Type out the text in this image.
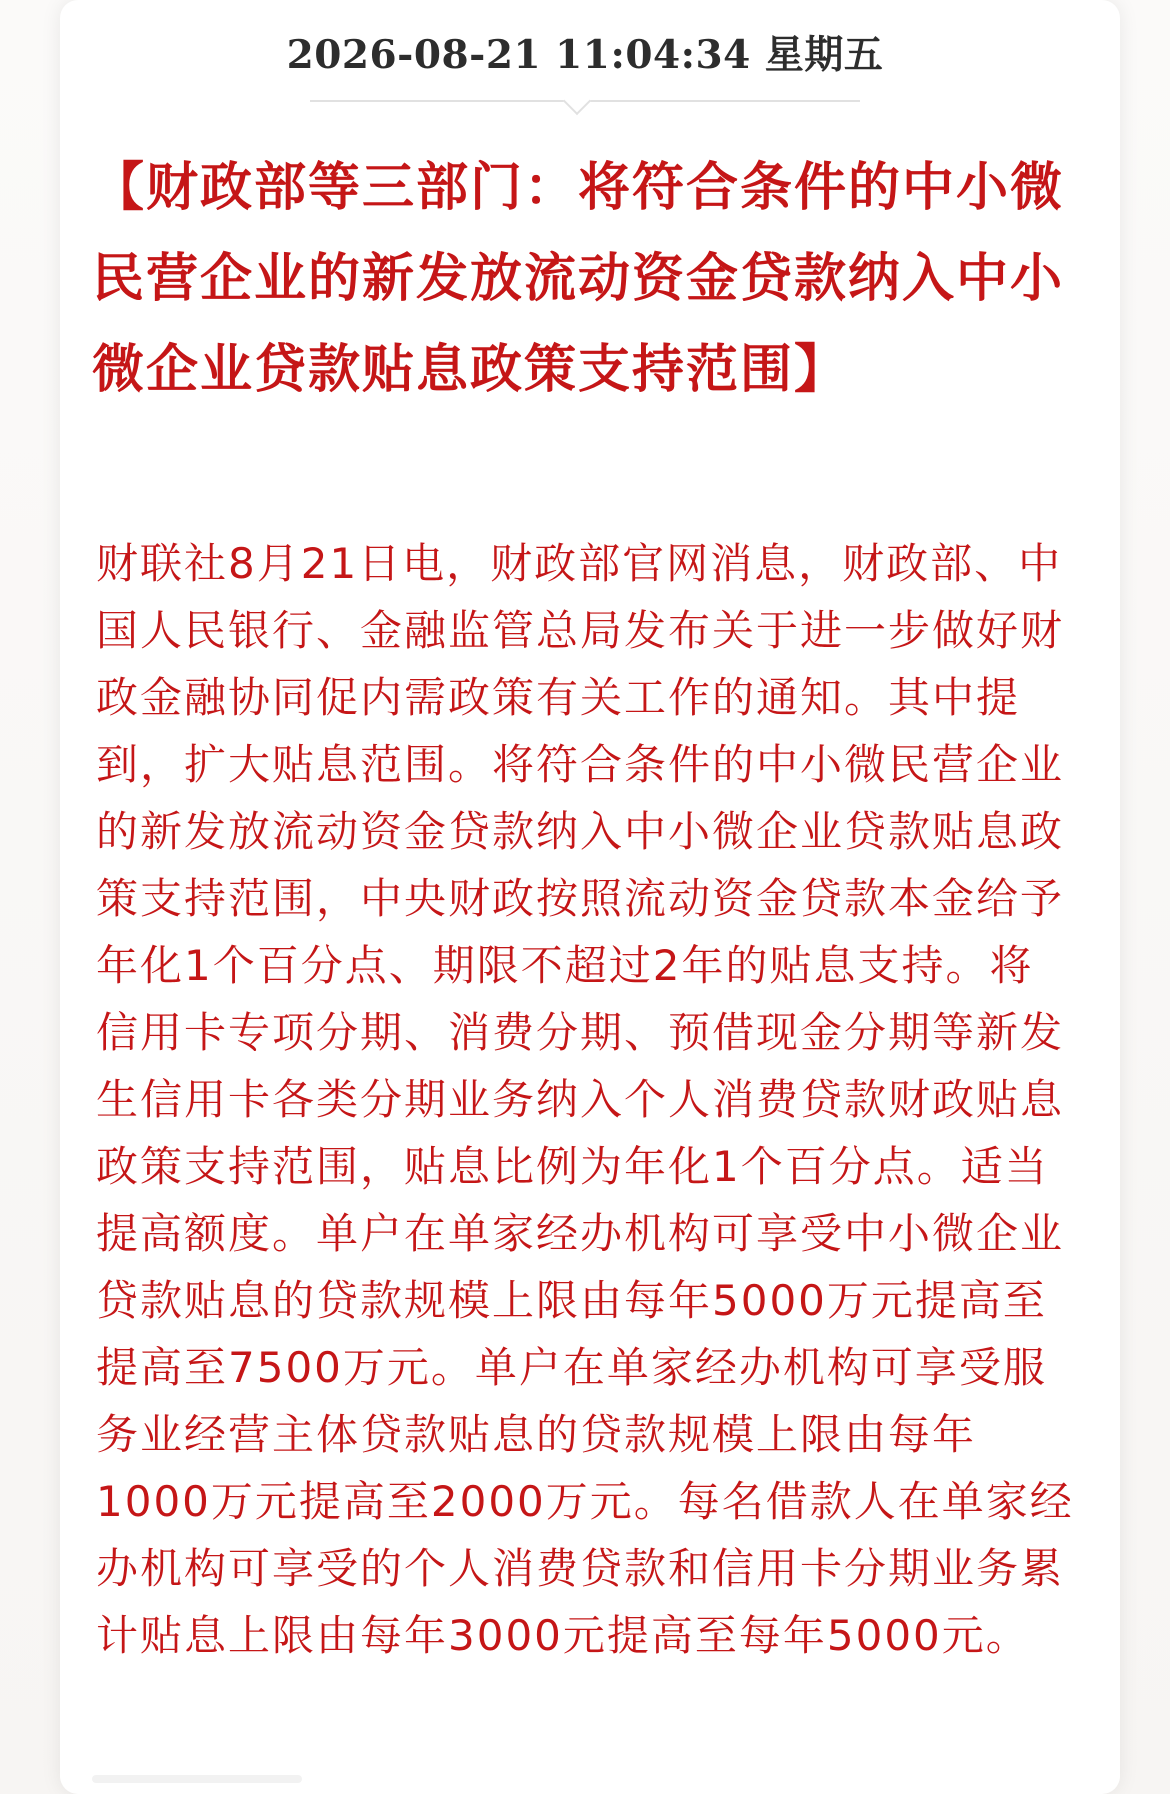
2026-08-21 11:04:34 星期五
【财政部等三部门：将符合条件的中小微民营企业的新发放流动资金贷款纳入中小微企业贷款贴息政策支持范围】

财联社8月21日电，财政部官网消息，财政部、中国人民银行、金融监管总局发布关于进一步做好财政金融协同促内需政策有关工作的通知。其中提到，扩大贴息范围。将符合条件的中小微民营企业的新发放流动资金贷款纳入中小微企业贷款贴息政策支持范围，中央财政按照流动资金贷款本金给予年化1个百分点、期限不超过2年的贴息支持。将信用卡专项分期、消费分期、预借现金分期等新发生信用卡各类分期业务纳入个人消费贷款财政贴息政策支持范围，贴息比例为年化1个百分点。适当提高额度。单户在单家经办机构可享受中小微企业贷款贴息的贷款规模上限由每年5000万元提高至提高至7500万元。单户在单家经办机构可享受服务业经营主体贷款贴息的贷款规模上限由每年1000万元提高至2000万元。每名借款人在单家经办机构可享受的个人消费贷款和信用卡分期业务累计贴息上限由每年3000元提高至每年5000元。
